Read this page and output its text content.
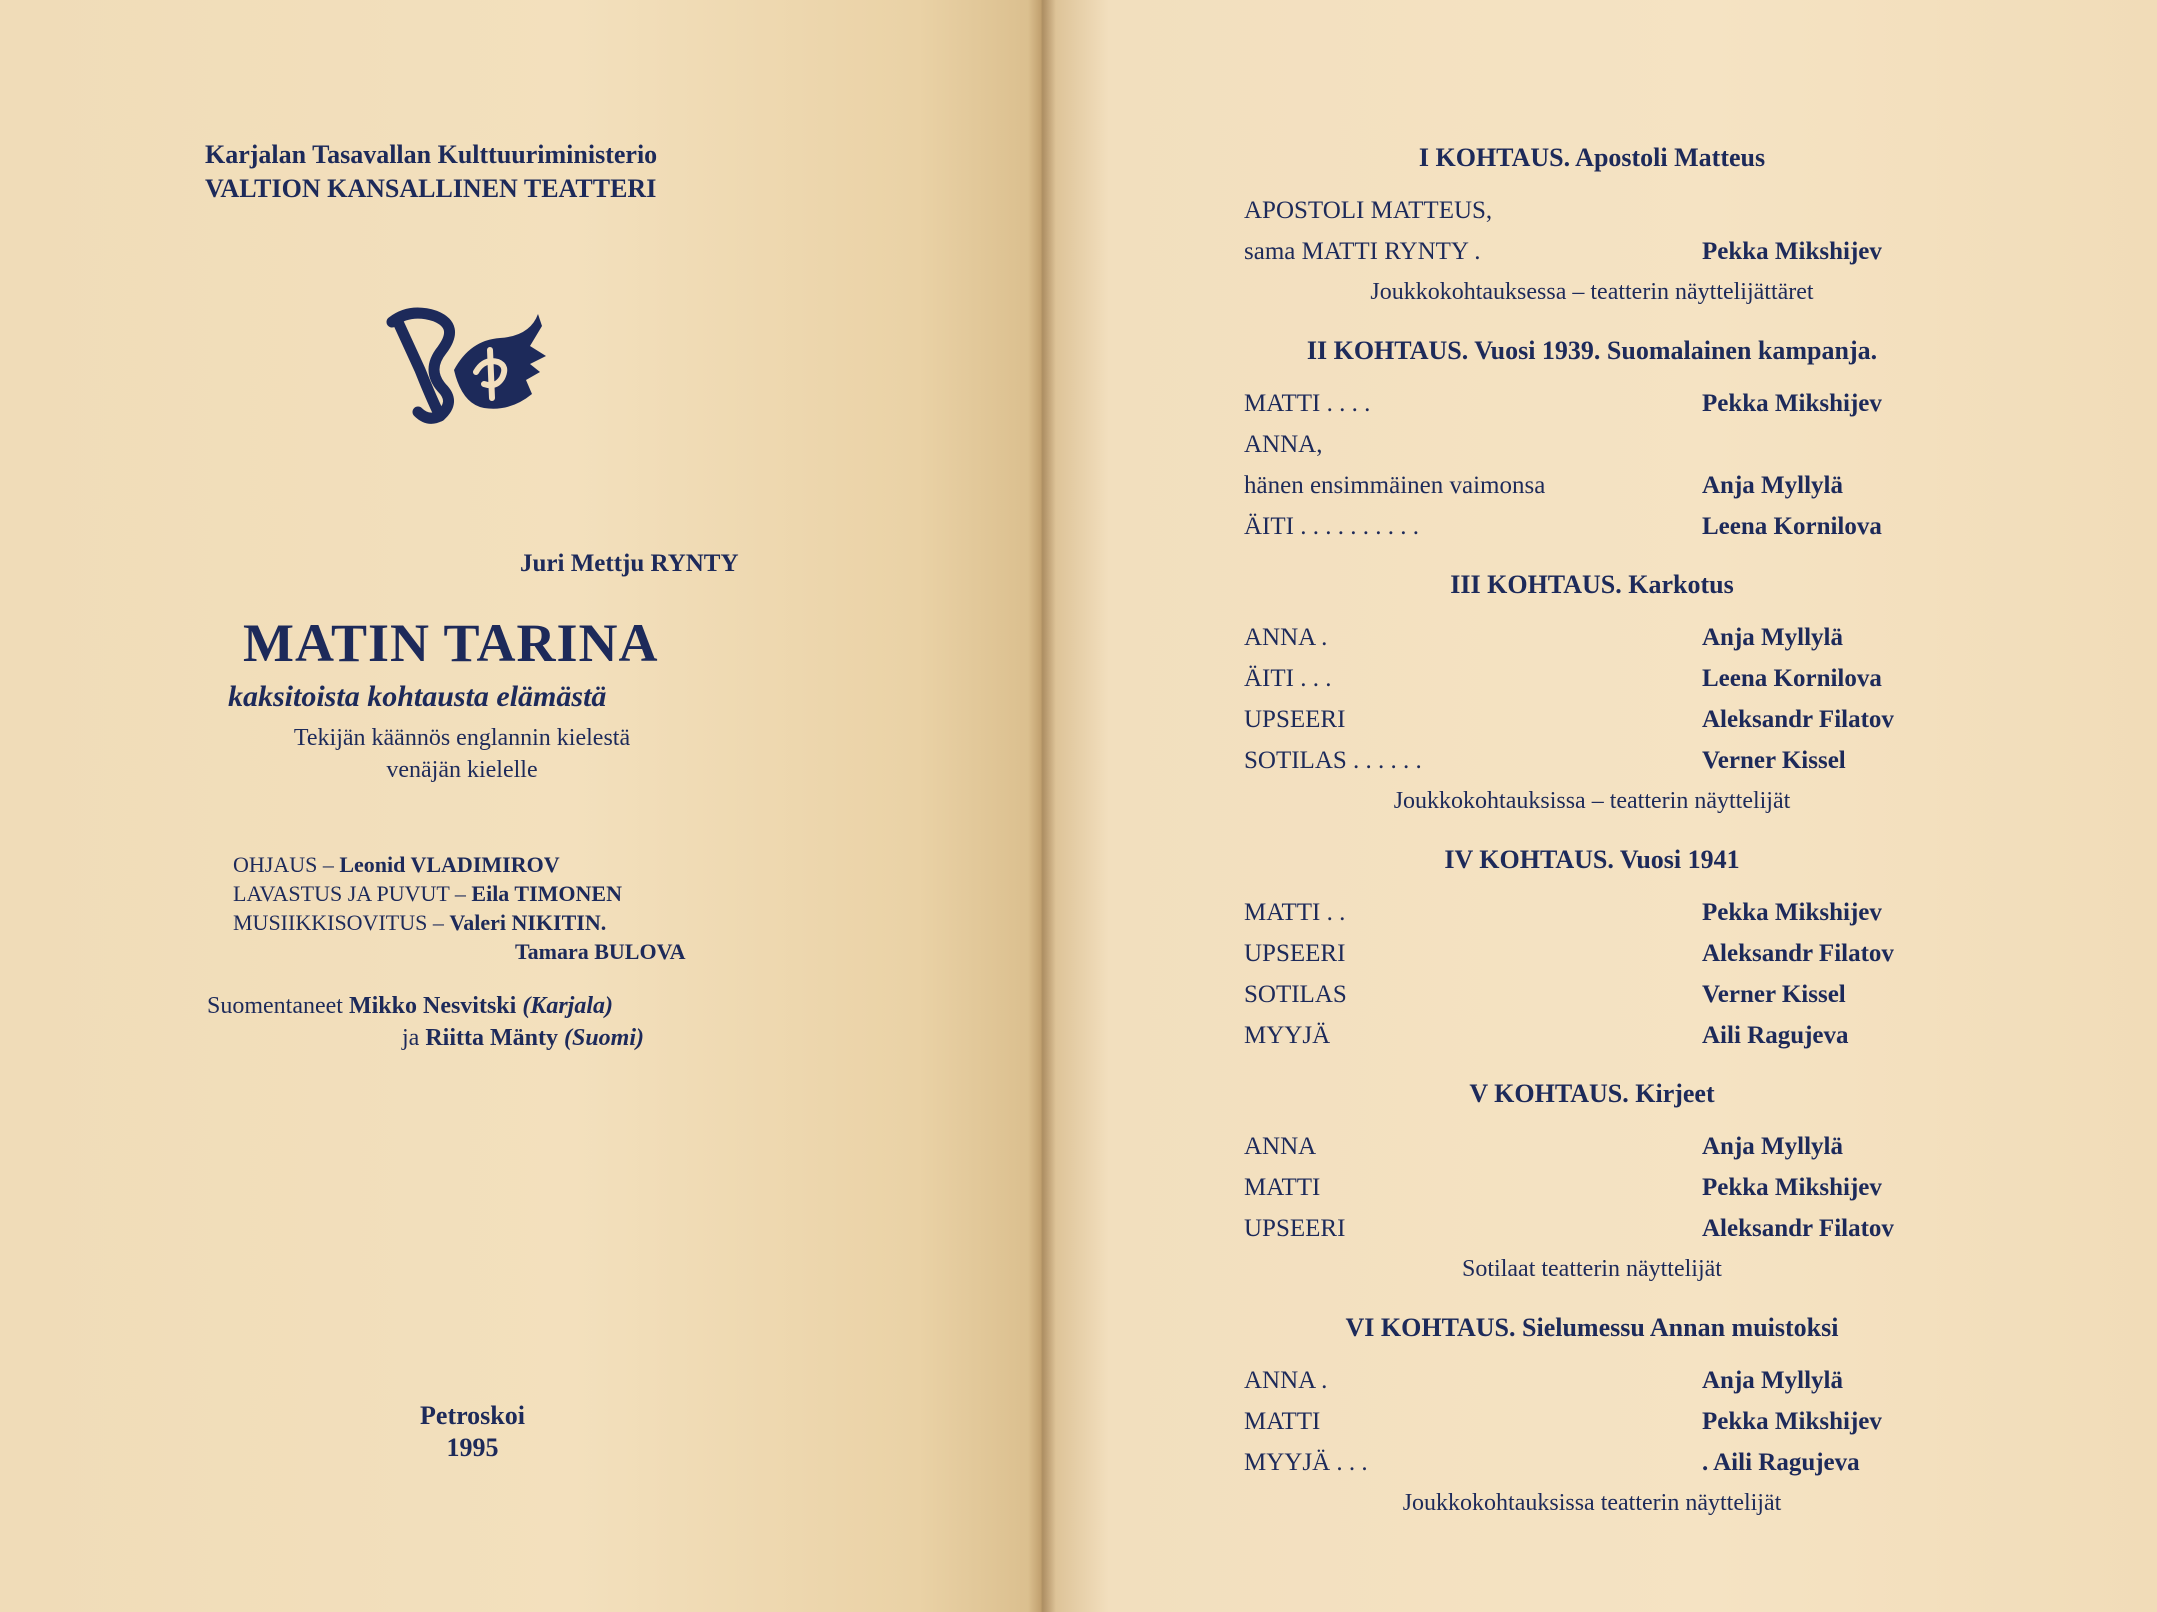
Karjalan Tasavallan Kulttuuriministerio
VALTION KANSALLINEN TEATTERI
Juri Mettju RYNTY
MATIN TARINA
kaksitoista kohtausta elämästä
Tekijän käännös englannin kielestä
venäjän kielelle
OHJAUS – Leonid VLADIMIROV
LAVASTUS JA PUVUT – Eila TIMONEN
MUSIIKKISOVITUS – Valeri NIKITIN.
Tamara BULOVA
Suomentaneet Mikko Nesvitski (Karjala)
ja Riitta Mänty (Suomi)
Petroskoi
1995
I KOHTAUS. Apostoli Matteus
APOSTOLI MATTEUS,
sama MATTI RYNTY .	Pekka Mikshijev
Joukkokohtauksessa – teatterin näyttelijättäret
II KOHTAUS. Vuosi 1939. Suomalainen kampanja.
MATTI . . . .	Pekka Mikshijev
ANNA,
hänen ensimmäinen vaimonsa	Anja Myllylä
ÄITI . . . . . . . . . .	Leena Kornilova
III KOHTAUS. Karkotus
ANNA .	Anja Myllylä
ÄITI . . .	Leena Kornilova
UPSEERI	Aleksandr Filatov
SOTILAS . . . . . .	Verner Kissel
Joukkokohtauksissa – teatterin näyttelijät
IV KOHTAUS. Vuosi 1941
MATTI . .	Pekka Mikshijev
UPSEERI	Aleksandr Filatov
SOTILAS	Verner Kissel
MYYJÄ	Aili Ragujeva
V KOHTAUS. Kirjeet
ANNA	Anja Myllylä
MATTI	Pekka Mikshijev
UPSEERI	Aleksandr Filatov
Sotilaat teatterin näyttelijät
VI KOHTAUS. Sielumessu Annan muistoksi
ANNA .	Anja Myllylä
MATTI	Pekka Mikshijev
MYYJÄ . . .	. Aili Ragujeva
Joukkokohtauksissa teatterin näyttelijät
